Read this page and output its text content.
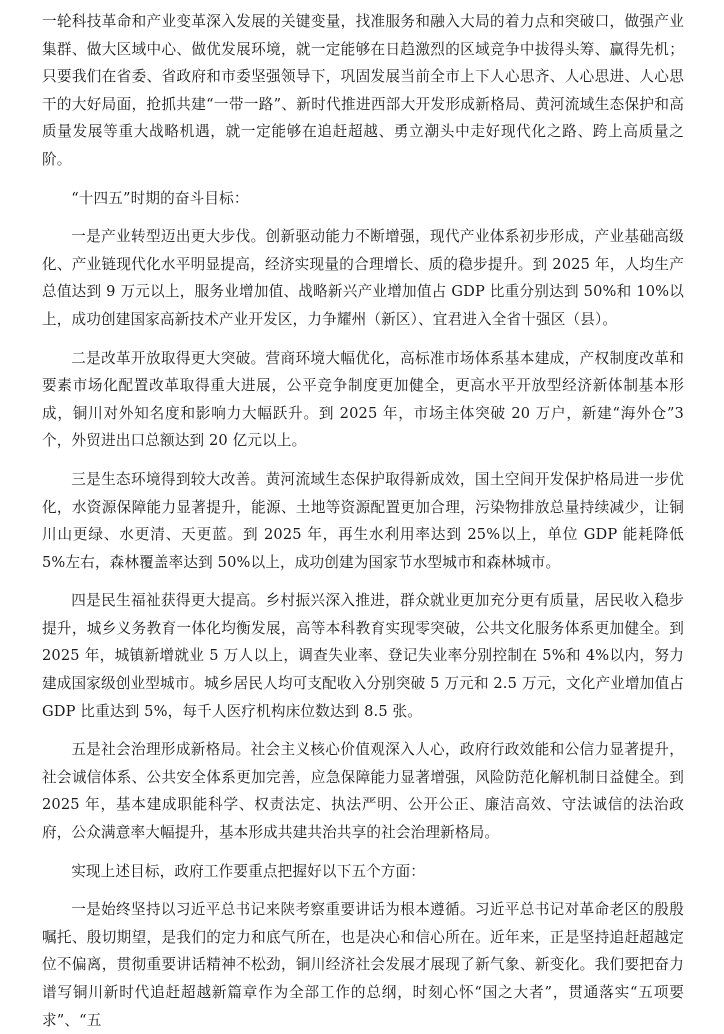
一轮科技革命和产业变革深入发展的关键变量，找准服务和融入大局的着力点和突破口，做强产业集群、做大区域中心、做优发展环境，就一定能够在日趋激烈的区域竞争中拔得头筹、赢得先机；只要我们在省委、省政府和市委坚强领导下，巩固发展当前全市上下人心思齐、人心思进、人心思干的大好局面，抢抓共建“一带一路”、新时代推进西部大开发形成新格局、黄河流域生态保护和高质量发展等重大战略机遇，就一定能够在追赶超越、勇立潮头中走好现代化之路、跨上高质量之阶。

“十四五”时期的奋斗目标：

一是产业转型迈出更大步伐。创新驱动能力不断增强，现代产业体系初步形成，产业基础高级化、产业链现代化水平明显提高，经济实现量的合理增长、质的稳步提升。到 2025 年，人均生产总值达到 9 万元以上，服务业增加值、战略新兴产业增加值占 GDP 比重分别达到 50%和 10%以上，成功创建国家高新技术产业开发区，力争耀州（新区）、宜君进入全省十强区（县）。

二是改革开放取得更大突破。营商环境大幅优化，高标准市场体系基本建成，产权制度改革和要素市场化配置改革取得重大进展，公平竞争制度更加健全，更高水平开放型经济新体制基本形成，铜川对外知名度和影响力大幅跃升。到 2025 年，市场主体突破 20 万户，新建“海外仓”3 个，外贸进出口总额达到 20 亿元以上。

三是生态环境得到较大改善。黄河流域生态保护取得新成效，国土空间开发保护格局进一步优化，水资源保障能力显著提升，能源、土地等资源配置更加合理，污染物排放总量持续减少，让铜川山更绿、水更清、天更蓝。到 2025 年，再生水利用率达到 25%以上，单位 GDP 能耗降低 5%左右，森林覆盖率达到 50%以上，成功创建为国家节水型城市和森林城市。

四是民生福祉获得更大提高。乡村振兴深入推进，群众就业更加充分更有质量，居民收入稳步提升，城乡义务教育一体化均衡发展，高等本科教育实现零突破，公共文化服务体系更加健全。到 2025 年，城镇新增就业 5 万人以上，调查失业率、登记失业率分别控制在 5%和 4%以内，努力建成国家级创业型城市。城乡居民人均可支配收入分别突破 5 万元和 2.5 万元，文化产业增加值占 GDP 比重达到 5%，每千人医疗机构床位数达到 8.5 张。

五是社会治理形成新格局。社会主义核心价值观深入人心，政府行政效能和公信力显著提升，社会诚信体系、公共安全体系更加完善，应急保障能力显著增强，风险防范化解机制日益健全。到 2025 年，基本建成职能科学、权责法定、执法严明、公开公正、廉洁高效、守法诚信的法治政府，公众满意率大幅提升，基本形成共建共治共享的社会治理新格局。

实现上述目标，政府工作要重点把握好以下五个方面：

一是始终坚持以习近平总书记来陕考察重要讲话为根本遵循。习近平总书记对革命老区的殷殷嘱托、殷切期望，是我们的定力和底气所在，也是决心和信心所在。近年来，正是坚持追赶超越定位不偏离，贯彻重要讲话精神不松劲，铜川经济社会发展才展现了新气象、新变化。我们要把奋力谱写铜川新时代追赶超越新篇章作为全部工作的总纲，时刻心怀“国之大者”，贯通落实“五项要求”、“五
